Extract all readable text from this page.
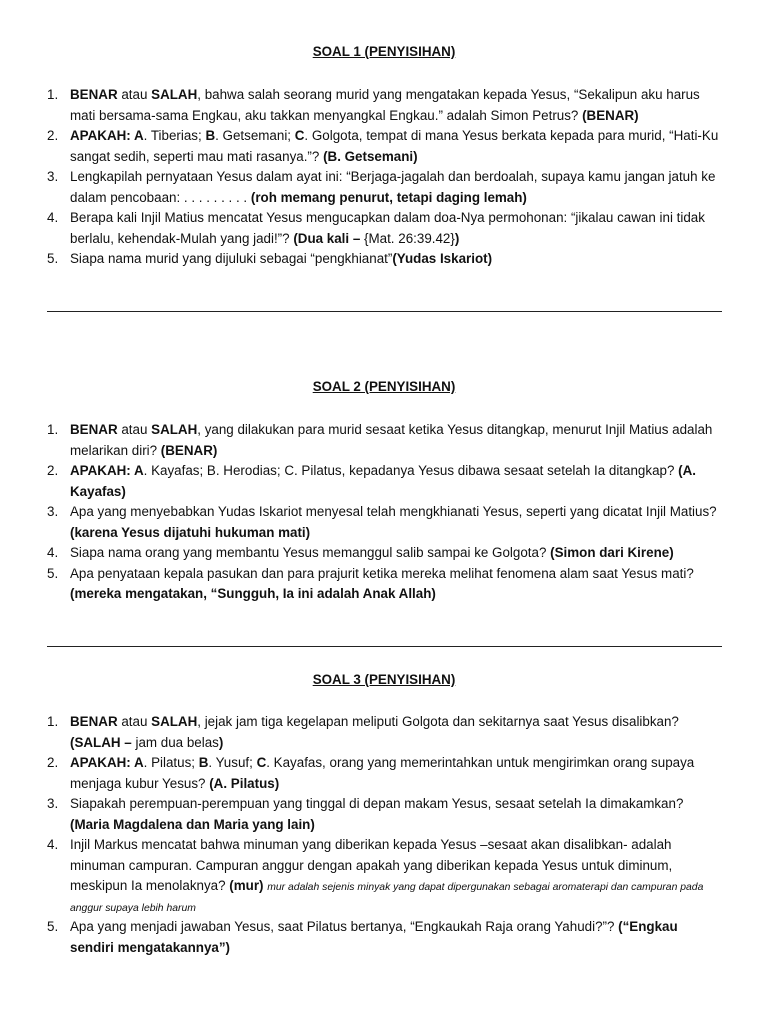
SOAL 1 (PENYISIHAN)
1. BENAR atau SALAH, bahwa salah seorang murid yang mengatakan kepada Yesus, “Sekalipun aku harus mati bersama-sama Engkau, aku takkan menyangkal Engkau.” adalah Simon Petrus? (BENAR)
2. APAKAH: A. Tiberias; B. Getsemani; C. Golgota, tempat di mana Yesus berkata kepada para murid, “Hati-Ku sangat sedih, seperti mau mati rasanya.”? (B. Getsemani)
3. Lengkapilah pernyataan Yesus dalam ayat ini: “Berjaga-jagalah dan berdoalah, supaya kamu jangan jatuh ke dalam pencobaan: . . . . . . . . . (roh memang penurut, tetapi daging lemah)
4. Berapa kali Injil Matius mencatat Yesus mengucapkan dalam doa-Nya permohonan: “jikalau cawan ini tidak berlalu, kehendak-Mulah yang jadi!”? (Dua kali – {Mat. 26:39.42})
5. Siapa nama murid yang dijuluki sebagai “pengkhianat”(Yudas Iskariot)
SOAL 2 (PENYISIHAN)
1. BENAR atau SALAH, yang dilakukan para murid sesaat ketika Yesus ditangkap, menurut Injil Matius adalah melarikan diri? (BENAR)
2. APAKAH: A. Kayafas; B. Herodias; C. Pilatus, kepadanya Yesus dibawa sesaat setelah Ia ditangkap? (A. Kayafas)
3. Apa yang menyebabkan Yudas Iskariot menyesal telah mengkhianati Yesus, seperti yang dicatat Injil Matius? (karena Yesus dijatuhi hukuman mati)
4. Siapa nama orang yang membantu Yesus memanggul salib sampai ke Golgota? (Simon dari Kirene)
5. Apa penyataan kepala pasukan dan para prajurit ketika mereka melihat fenomena alam saat Yesus mati? (mereka mengatakan, “Sungguh, Ia ini adalah Anak Allah)
SOAL 3 (PENYISIHAN)
1. BENAR atau SALAH, jejak jam tiga kegelapan meliputi Golgota dan sekitarnya saat Yesus disalibkan? (SALAH – jam dua belas)
2. APAKAH: A. Pilatus; B. Yusuf; C. Kayafas, orang yang memerintahkan untuk mengirimkan orang supaya menjaga kubur Yesus? (A. Pilatus)
3. Siapakah perempuan-perempuan yang tinggal di depan makam Yesus, sesaat setelah Ia dimakamkan? (Maria Magdalena dan Maria yang lain)
4. Injil Markus mencatat bahwa minuman yang diberikan kepada Yesus –sesaat akan disalibkan- adalah minuman campuran. Campuran anggur dengan apakah yang diberikan kepada Yesus untuk diminum, meskipun Ia menolaknya? (mur) mur adalah sejenis minyak yang dapat dipergunakan sebagai aromaterapi dan campuran pada anggur supaya lebih harum
5. Apa yang menjadi jawaban Yesus, saat Pilatus bertanya, “Engkaukah Raja orang Yahudi?”? (“Engkau sendiri mengatakannya”)
